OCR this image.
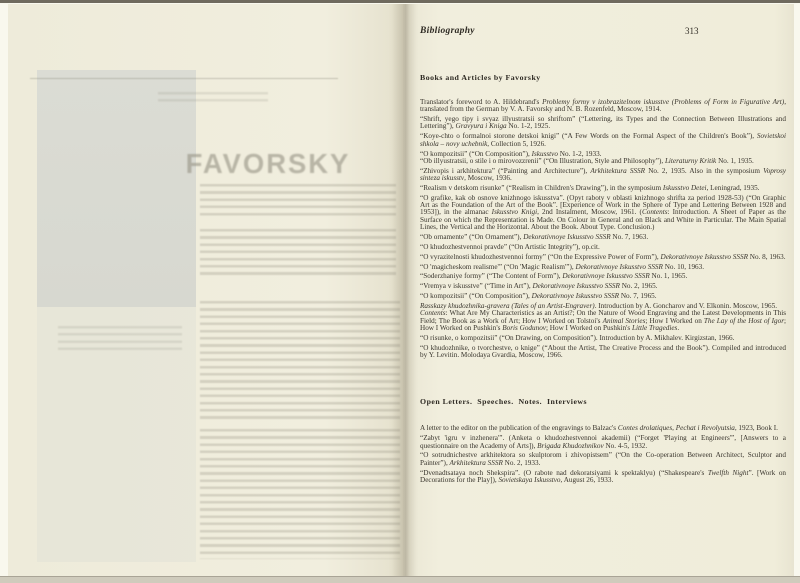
FAVORSKY
Bibliography	313
Books and Articles by Favorsky

Translator's foreword to A. Hildebrand's Problemy formy v izobrazitelnom iskusstve (Problems of Form in Figurative Art), translated from the German by V. A. Favorsky and N. B. Rozenfeld, Moscow, 1914.

“Shrift, yego tipy i svyaz illyustratsii so shriftom” (“Lettering, its Types and the Connection Between Illustrations and Lettering”), Gravyura i Kniga No. 1-2, 1925.

“Koye-chto o formalnoi storone detskoi knigi” (“A Few Words on the Formal Aspect of the Children's Book”), Sovietskoi shkola – novy uchebnik, Collection 5, 1926.

“O kompozitsii” (“On Composition”), Iskusstvo No. 1-2, 1933.

“Ob illyustratsii, o stile i o mirovozzrenii” (“On Illustration, Style and Philosophy”), Literaturny Kritik No. 1, 1935.

“Zhivopis i arkhitektura” (“Painting and Architecture”), Arkhitektura SSSR No. 2, 1935. Also in the symposium Voprosy sinteza iskusstv, Moscow, 1936.

“Realism v detskom risunke” (“Realism in Children's Drawing”), in the symposium Iskusstvo Detei, Leningrad, 1935.

“O grafike, kak ob osnove knizhnogo iskusstva”. (Opyt raboty v oblasti knizhnogo shrifta za period 1928-53) (“On Graphic Art as the Foundation of the Art of the Book”. [Experience of Work in the Sphere of Type and Lettering Between 1928 and 1953]), in the almanac Iskusstvo Knigi, 2nd Instalment, Moscow, 1961. (Contents: Introduction. A Sheet of Paper as the Surface on which the Representation is Made. On Colour in General and on Black and White in Particular. The Main Spatial Lines, the Vertical and the Horizontal. About the Book. About Type. Conclusion.)

“Ob ornamente” (“On Ornament”), Dekorativnoye Iskusstvo SSSR No. 7, 1963.

“O khudozhestvennoi pravde” (“On Artistic Integrity”), op.cit.

“O vyrazitelnosti khudozhestvennoi formy” (“On the Expressive Power of Form”), Dekorativnoye Iskusstvo SSSR No. 8, 1963.

“O 'magicheskom realisme'” (“On 'Magic Realism'”), Dekorativnoye Iskusstvo SSSR No. 10, 1963.

“Soderzhaniye formy” (“The Content of Form”), Dekorativnoye Iskusstvo SSSR No. 1, 1965.

“Vremya v iskusstve” (“Time in Art”), Dekorativnoye Iskusstvo SSSR No. 2, 1965.

“O kompozitsii” (“On Composition”), Dekorativnoye Iskusstvo SSSR No. 7, 1965.

Rasskazy khudozhnika-gravera (Tales of an Artist-Engraver). Introduction by A. Goncharov and V. Elkonin. Moscow, 1965.

Contents: What Are My Characteristics as an Artist?; On the Nature of Wood Engraving and the Latest Developments in This Field; The Book as a Work of Art; How I Worked on Tolstoi's Animal Stories; How I Worked on The Lay of the Host of Igor; How I Worked on Pushkin's Boris Godunov; How I Worked on Pushkin's Little Tragedies.

“O risunke, o kompozitsii” (“On Drawing, on Composition”). Introduction by A. Mikhalev. Kirgizstan, 1966.

“O khudozhnike, o tvorchestve, o knige” (“About the Artist, The Creative Process and the Book”). Compiled and introduced by Y. Levitin. Molodaya Gvardia, Moscow, 1966.

Open Letters.  Speeches.  Notes.  Interviews

A letter to the editor on the publication of the engravings to Balzac's Contes drolatiques, Pechat i Revolyutsia, 1923, Book I.

“Zabyt 'igru v inzhenera'”. (Anketa o khudozhestvennoi akademii) (“Forget 'Playing at Engineers'”, [Answers to a questionnaire on the Academy of Arts]), Brigada Khudozhnikov No. 4-5, 1932.

“O sotrudnichestve arkhitektora so skulptorom i zhivopistsem” (“On the Co-operation Between Architect, Sculptor and Painter”), Arkhitektura SSSR No. 2, 1933.

“Dvenadtsataya noch Shekspira”. (O rabote nad dekoratsiyami k spektaklyu) (“Shakespeare's Twelfth Night”. [Work on Decorations for the Play]), Sovietskaya Iskusstvo, August 26, 1933.
